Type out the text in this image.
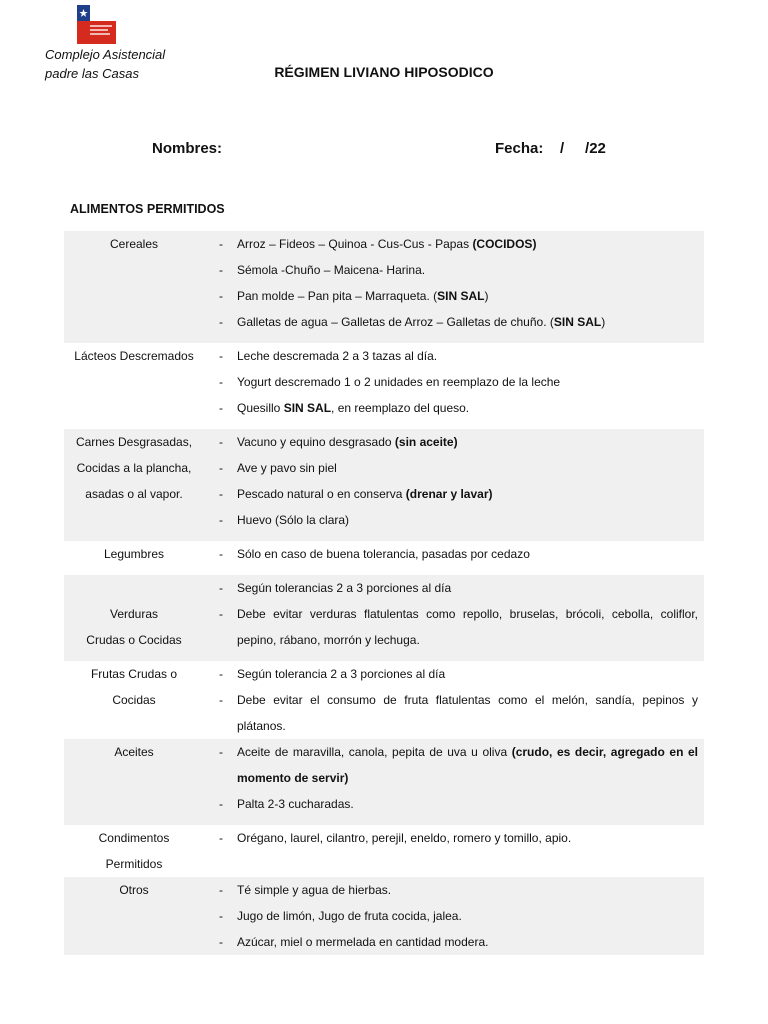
Complejo Asistencial
padre las Casas	RÉGIMEN LIVIANO HIPOSODICO
Nombres:	Fecha:    /     /22
ALIMENTOS PERMITIDOS
Cereales	-	Arroz – Fideos – Quinoa - Cus-Cus - Papas (COCIDOS)
-	Sémola -Chuño – Maicena- Harina.
-	Pan molde – Pan pita – Marraqueta. (SIN SAL)
-	Galletas de agua – Galletas de Arroz – Galletas de chuño. (SIN SAL)
Lácteos Descremados	-	Leche descremada 2 a 3 tazas al día.
-	Yogurt descremado 1 o 2 unidades en reemplazo de la leche
-	Quesillo SIN SAL, en reemplazo del queso.
Carnes Desgrasadas,
Cocidas a la plancha,
asadas o al vapor.
-	Vacuno y equino desgrasado (sin aceite)
-	Ave y pavo sin piel
-	Pescado natural o en conserva (drenar y lavar)
-	Huevo (Sólo la clara)
Legumbres	-	Sólo en caso de buena tolerancia, pasadas por cedazo

Verduras
Crudas o Cocidas
-	Según tolerancias 2 a 3 porciones al día
-	Debe evitar verduras flatulentas como repollo, bruselas, brócoli, cebolla, coliflor, pepino, rábano, morrón y lechuga.
Frutas Crudas o
Cocidas
-	Según tolerancia 2 a 3 porciones al día
-	Debe evitar el consumo de fruta flatulentas como el melón, sandía, pepinos y plátanos.
Aceites	-	Aceite de maravilla, canola, pepita de uva u oliva (crudo, es decir, agregado en el momento de servir)
-	Palta 2-3 cucharadas.
Condimentos
Permitidos
-	Orégano, laurel, cilantro, perejil, eneldo, romero y tomillo, apio.
Otros	-	Té simple y agua de hierbas.
-	Jugo de limón, Jugo de fruta cocida, jalea.
-	Azúcar, miel o mermelada en cantidad modera.
